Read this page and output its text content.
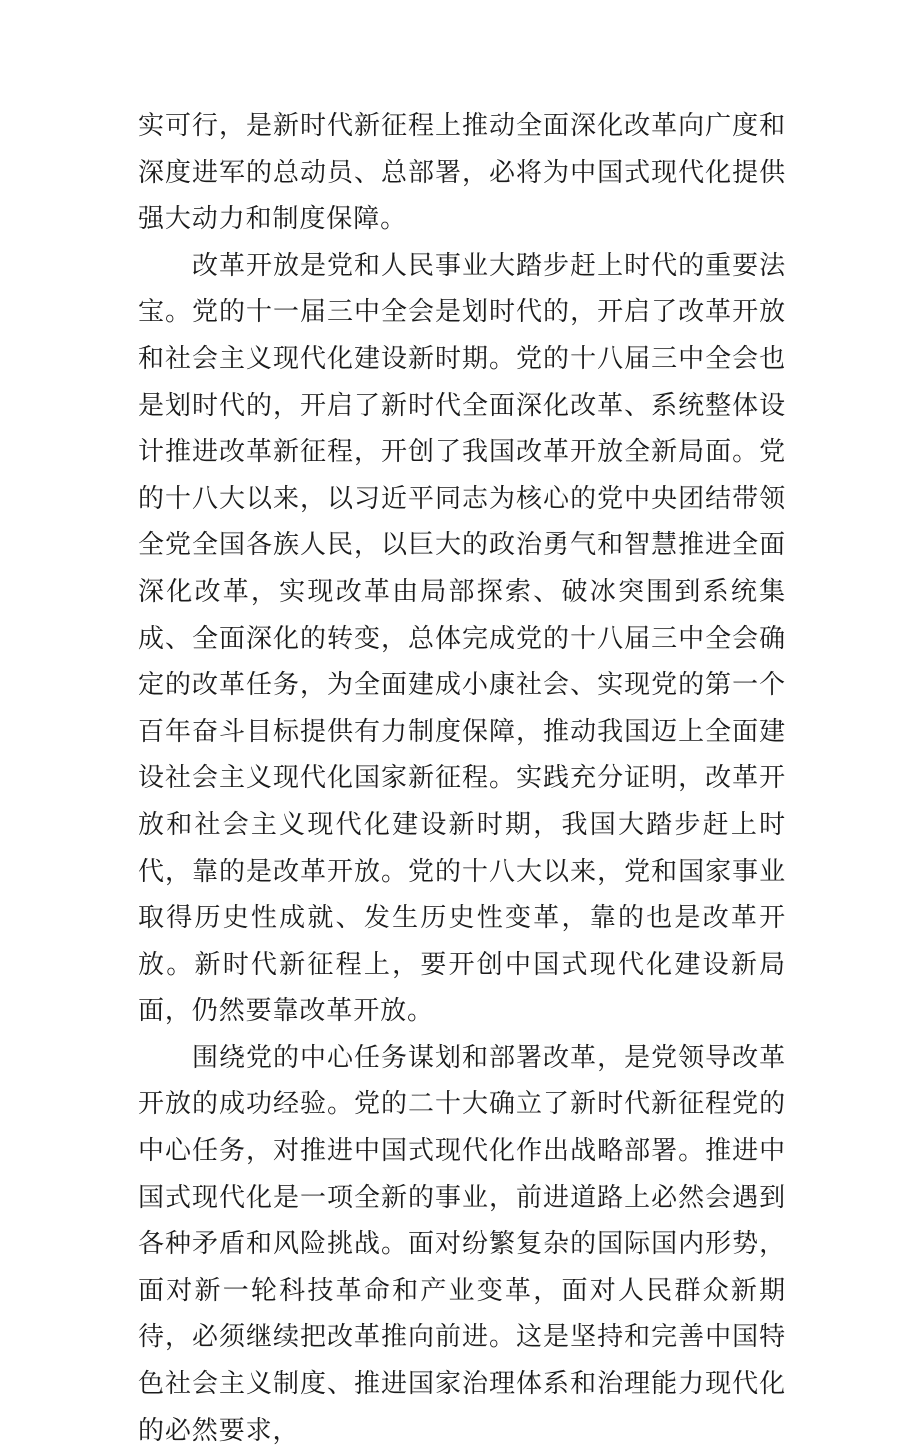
实可行，是新时代新征程上推动全面深化改革向广度和深度进军的总动员、总部署，必将为中国式现代化提供强大动力和制度保障。

改革开放是党和人民事业大踏步赶上时代的重要法宝。党的十一届三中全会是划时代的，开启了改革开放和社会主义现代化建设新时期。党的十八届三中全会也是划时代的，开启了新时代全面深化改革、系统整体设计推进改革新征程，开创了我国改革开放全新局面。党的十八大以来，以习近平同志为核心的党中央团结带领全党全国各族人民，以巨大的政治勇气和智慧推进全面深化改革，实现改革由局部探索、破冰突围到系统集成、全面深化的转变，总体完成党的十八届三中全会确定的改革任务，为全面建成小康社会、实现党的第一个百年奋斗目标提供有力制度保障，推动我国迈上全面建设社会主义现代化国家新征程。实践充分证明，改革开放和社会主义现代化建设新时期，我国大踏步赶上时代，靠的是改革开放。党的十八大以来，党和国家事业取得历史性成就、发生历史性变革，靠的也是改革开放。新时代新征程上，要开创中国式现代化建设新局面，仍然要靠改革开放。

围绕党的中心任务谋划和部署改革，是党领导改革开放的成功经验。党的二十大确立了新时代新征程党的中心任务，对推进中国式现代化作出战略部署。推进中国式现代化是一项全新的事业，前进道路上必然会遇到各种矛盾和风险挑战。面对纷繁复杂的国际国内形势，面对新一轮科技革命和产业变革，面对人民群众新期待，必须继续把改革推向前进。这是坚持和完善中国特色社会主义制度、推进国家治理体系和治理能力现代化的必然要求，
